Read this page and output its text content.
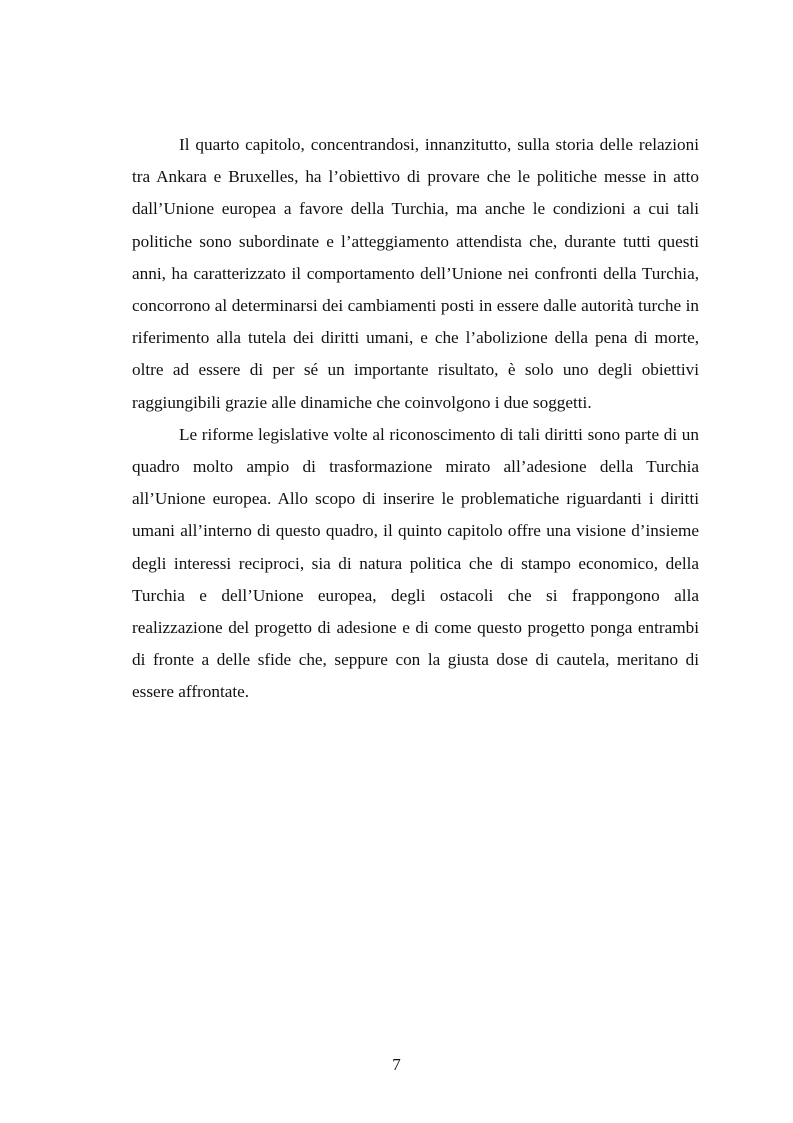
Il quarto capitolo, concentrandosi, innanzitutto, sulla storia delle relazioni tra Ankara e Bruxelles, ha l’obiettivo di provare che le politiche messe in atto dall’Unione europea a favore della Turchia, ma anche le condizioni a cui tali politiche sono subordinate e l’atteggiamento attendista che, durante tutti questi anni, ha caratterizzato il comportamento dell’Unione nei confronti della Turchia, concorrono al determinarsi dei cambiamenti posti in essere dalle autorità turche in riferimento alla tutela dei diritti umani, e che l’abolizione della pena di morte, oltre ad essere di per sé un importante risultato, è solo uno degli obiettivi raggiungibili grazie alle dinamiche che coinvolgono i due soggetti.

Le riforme legislative volte al riconoscimento di tali diritti sono parte di un quadro molto ampio di trasformazione mirato all’adesione della Turchia all’Unione europea. Allo scopo di inserire le problematiche riguardanti i diritti umani all’interno di questo quadro, il quinto capitolo offre una visione d’insieme degli interessi reciproci, sia di natura politica che di stampo economico, della Turchia e dell’Unione europea, degli ostacoli che si frappongono alla realizzazione del progetto di adesione e di come questo progetto ponga entrambi di fronte a delle sfide che, seppure con la giusta dose di cautela, meritano di essere affrontate.

7
